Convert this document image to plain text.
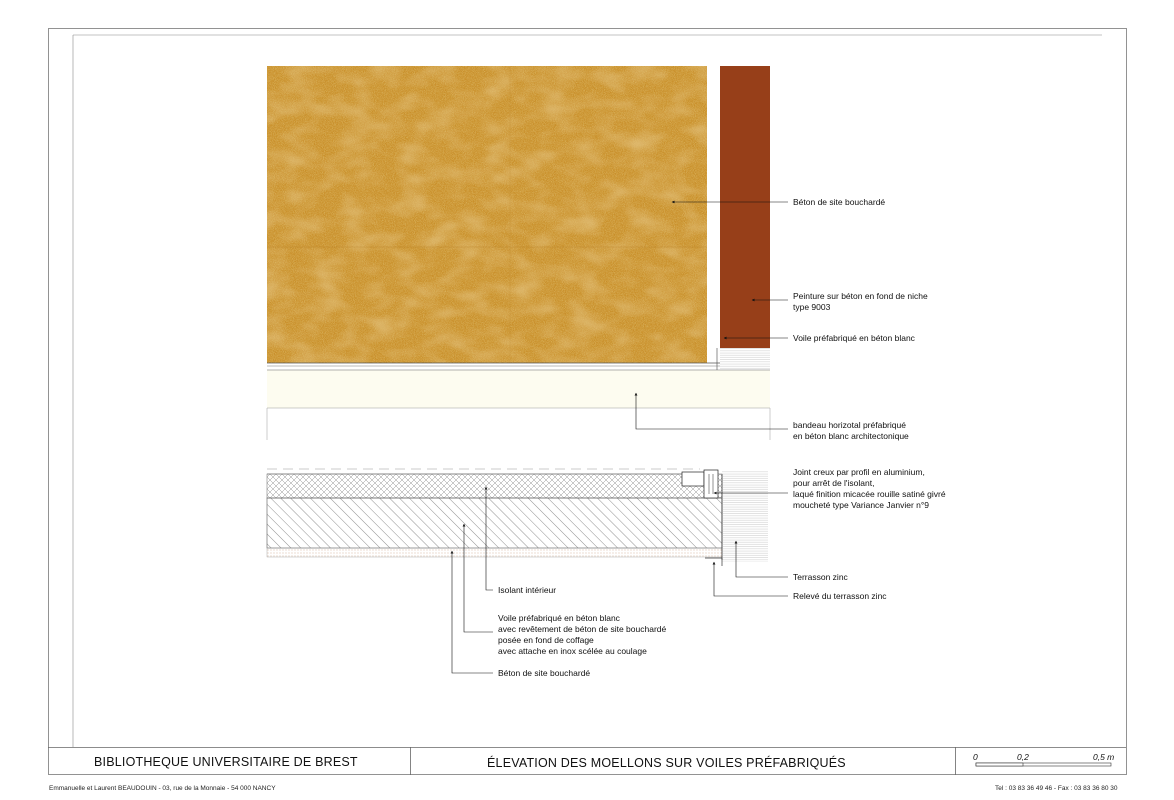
Béton de site bouchardé
Peinture sur béton en fond de niche
type 9003
Voile préfabriqué en béton blanc
bandeau horizotal préfabriqué
en béton blanc architectonique
Joint creux par profil en aluminium,
pour arrêt de l'isolant,
laqué finition micacée rouille satiné givré
moucheté type Variance Janvier n°9
Terrasson zinc
Relevé du terrasson zinc
Isolant intérieur
Voile préfabriqué en béton blanc
avec revêtement de béton de site bouchardé
posée en fond de coffage
avec attache en inox scélée au coulage
Béton de site bouchardé
BIBLIOTHEQUE UNIVERSITAIRE DE BREST	ÉLEVATION DES MOELLONS SUR VOILES PRÉFABRIQUÉS	0	0,2	0,5 m
Emmanuelle et Laurent BEAUDOUIN - 03, rue de la Monnaie - 54 000 NANCY	Tel : 03 83 36 49 46 - Fax : 03 83 36 80 30
